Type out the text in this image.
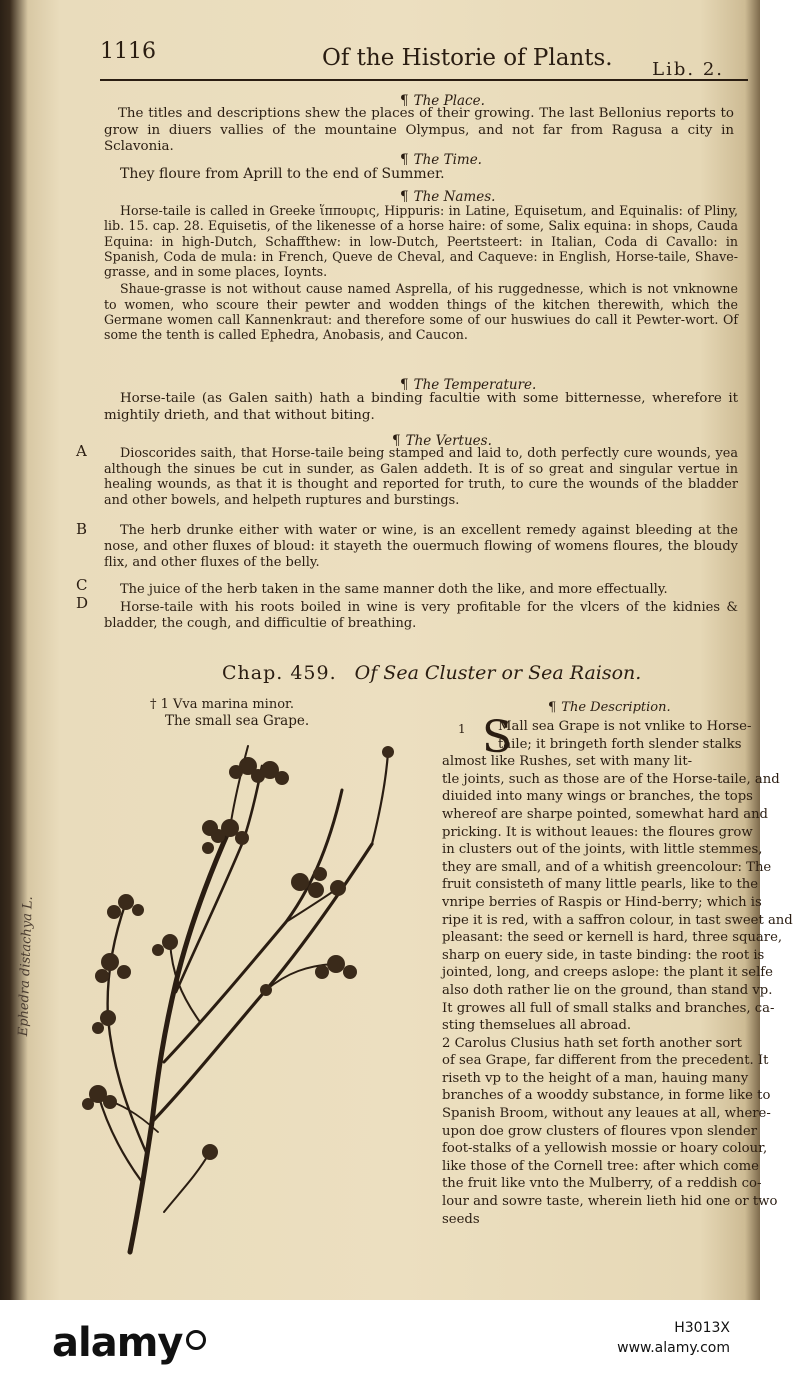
1116	Of the Historie of Plants. Lib. 2.
¶ The Place.

The titles and descriptions shew the places of their growing. The last Bellonius reports to grow in diuers vallies of the mountaine Olympus, and not far from Ragusa a city in Sclavonia.

¶ The Time.

They floure from Aprill to the end of Summer.

¶ The Names.

Horse-taile is called in Greeke ἵππουρις, Hippuris: in Latine, Equisetum, and Equinalis: of Pliny, lib. 15. cap. 28. Equisetis, of the likenesse of a horse haire: of some, Salix equina: in shops, Cauda Equina: in high-Dutch, Schaffthew: in low-Dutch, Peertsteert: in Italian, Coda di Cavallo: in Spanish, Coda de mula: in French, Queve de Cheval, and Caqueve: in English, Horse-taile, Shave-grasse, and in some places, Ioynts.

Shaue-grasse is not without cause named Asprella, of his ruggednesse, which is not vnknowne to women, who scoure their pewter and wodden things of the kitchen therewith, which the Germane women call Kannenkraut: and therefore some of our huswiues do call it Pewter-wort. Of some the tenth is called Ephedra, Anobasis, and Caucon.

¶ The Temperature.

Horse-taile (as Galen saith) hath a binding facultie with some bitternesse, wherefore it mightily drieth, and that without biting.

¶ The Vertues.
A	Dioscorides saith, that Horse-taile being stamped and laid to, doth perfectly cure wounds, yea although the sinues be cut in sunder, as Galen addeth. It is of so great and singular vertue in healing wounds, as that it is thought and reported for truth, to cure the wounds of the bladder and other bowels, and helpeth ruptures and burstings.

B	The herb drunke either with water or wine, is an excellent remedy against bleeding at the nose, and other fluxes of bloud: it stayeth the ouermuch flowing of womens floures, the bloudy flix, and other fluxes of the belly.

C	The juice of the herb taken in the same manner doth the like, and more effectually.

D	Horse-taile with his roots boiled in wine is very profitable for the vlcers of the kidnies & bladder, the cough, and difficultie of breathing.

Chap. 459. Of Sea Cluster or Sea Raison.
† 1 Vva marina minor.
The small sea Grape.
Ephedra distachya L.
¶ The Description.
1 S
Mall sea Grape is not vnlike to Horse-
taile; it bringeth forth slender stalks
almost like Rushes, set with many lit-
tle joints, such as those are of the Horse-taile, and
diuided into many wings or branches, the tops
whereof are sharpe pointed, somewhat hard and
pricking. It is without leaues: the floures grow
in clusters out of the joints, with little stemmes,
they are small, and of a whitish greencolour: The
fruit consisteth of many little pearls, like to the
vnripe berries of Raspis or Hind-berry; which is
ripe it is red, with a saffron colour, in tast sweet and
pleasant: the seed or kernell is hard, three square,
sharp on euery side, in taste binding: the root is
jointed, long, and creeps aslope: the plant it selfe
also doth rather lie on the ground, than stand vp.
It growes all full of small stalks and branches, ca-
sting themselues all abroad.
2 Carolus Clusius hath set forth another sort
of sea Grape, far different from the precedent. It
riseth vp to the height of a man, hauing many
branches of a wooddy substance, in forme like to
Spanish Broom, without any leaues at all, where-
upon doe grow clusters of floures vpon slender
foot-stalks of a yellowish mossie or hoary colour,
like those of the Cornell tree: after which come
the fruit like vnto the Mulberry, of a reddish co-
lour and sowre taste, wherein lieth hid one or two
seeds
alamy	H3013X
www.alamy.com
